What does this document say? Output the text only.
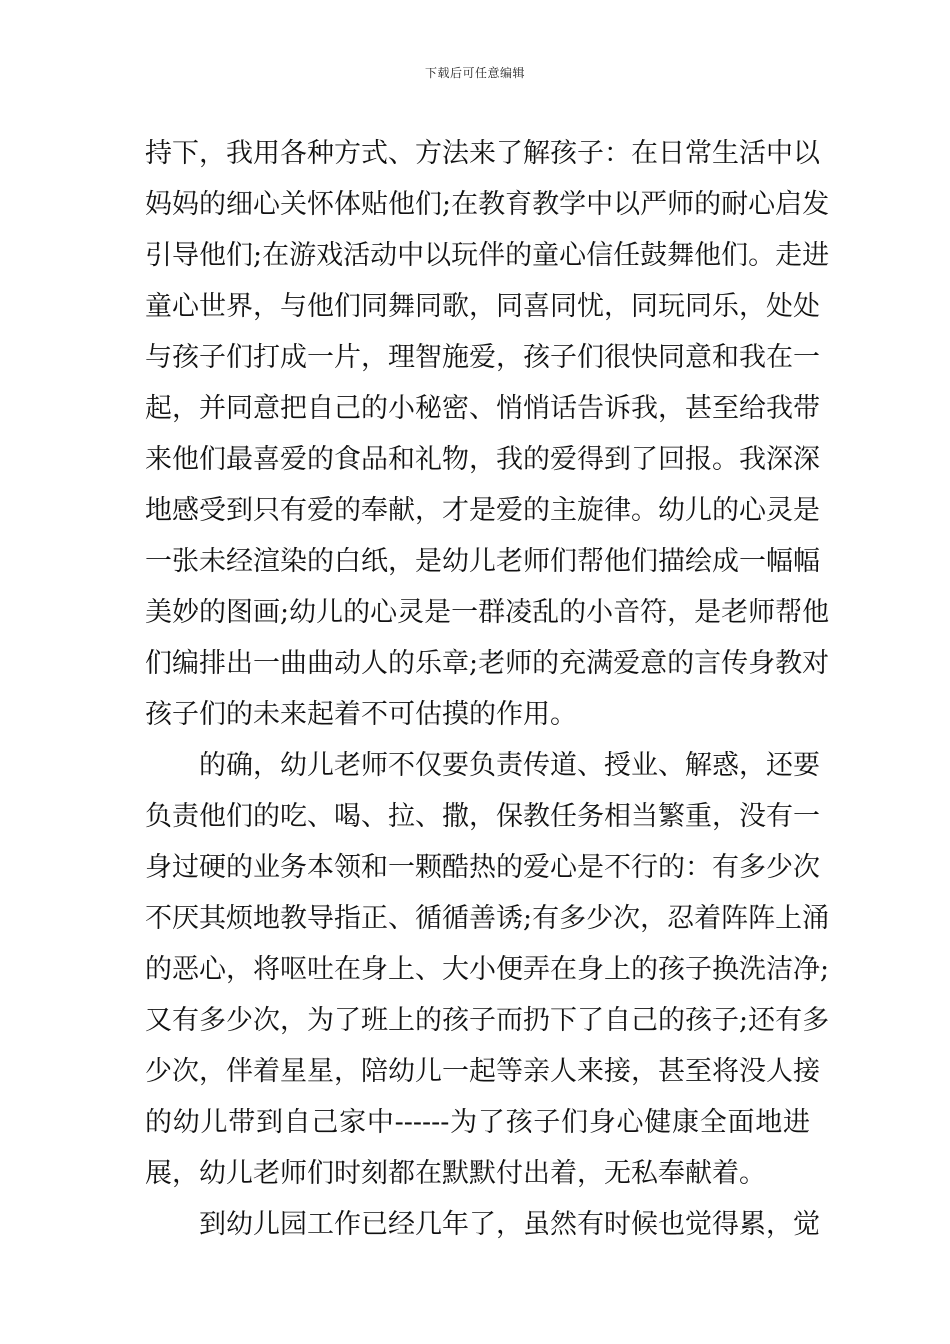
下载后可任意编辑
持下，我用各种方式、方法来了解孩子：在日常生活中以
妈妈的细心关怀体贴他们;在教育教学中以严师的耐心启发
引导他们;在游戏活动中以玩伴的童心信任鼓舞他们。走进
童心世界，与他们同舞同歌，同喜同忧，同玩同乐，处处
与孩子们打成一片，理智施爱，孩子们很快同意和我在一
起，并同意把自己的小秘密、悄悄话告诉我，甚至给我带
来他们最喜爱的食品和礼物，我的爱得到了回报。我深深
地感受到只有爱的奉献，才是爱的主旋律。幼儿的心灵是
一张未经渲染的白纸，是幼儿老师们帮他们描绘成一幅幅
美妙的图画;幼儿的心灵是一群凌乱的小音符，是老师帮他
们编排出一曲曲动人的乐章;老师的充满爱意的言传身教对
孩子们的未来起着不可估摸的作用。
的确，幼儿老师不仅要负责传道、授业、解惑，还要
负责他们的吃、喝、拉、撒，保教任务相当繁重，没有一
身过硬的业务本领和一颗酷热的爱心是不行的：有多少次
不厌其烦地教导指正、循循善诱;有多少次，忍着阵阵上涌
的恶心，将呕吐在身上、大小便弄在身上的孩子换洗洁净;
又有多少次，为了班上的孩子而扔下了自己的孩子;还有多
少次，伴着星星，陪幼儿一起等亲人来接，甚至将没人接
的幼儿带到自己家中------为了孩子们身心健康全面地进
展，幼儿老师们时刻都在默默付出着，无私奉献着。
到幼儿园工作已经几年了，虽然有时候也觉得累，觉
